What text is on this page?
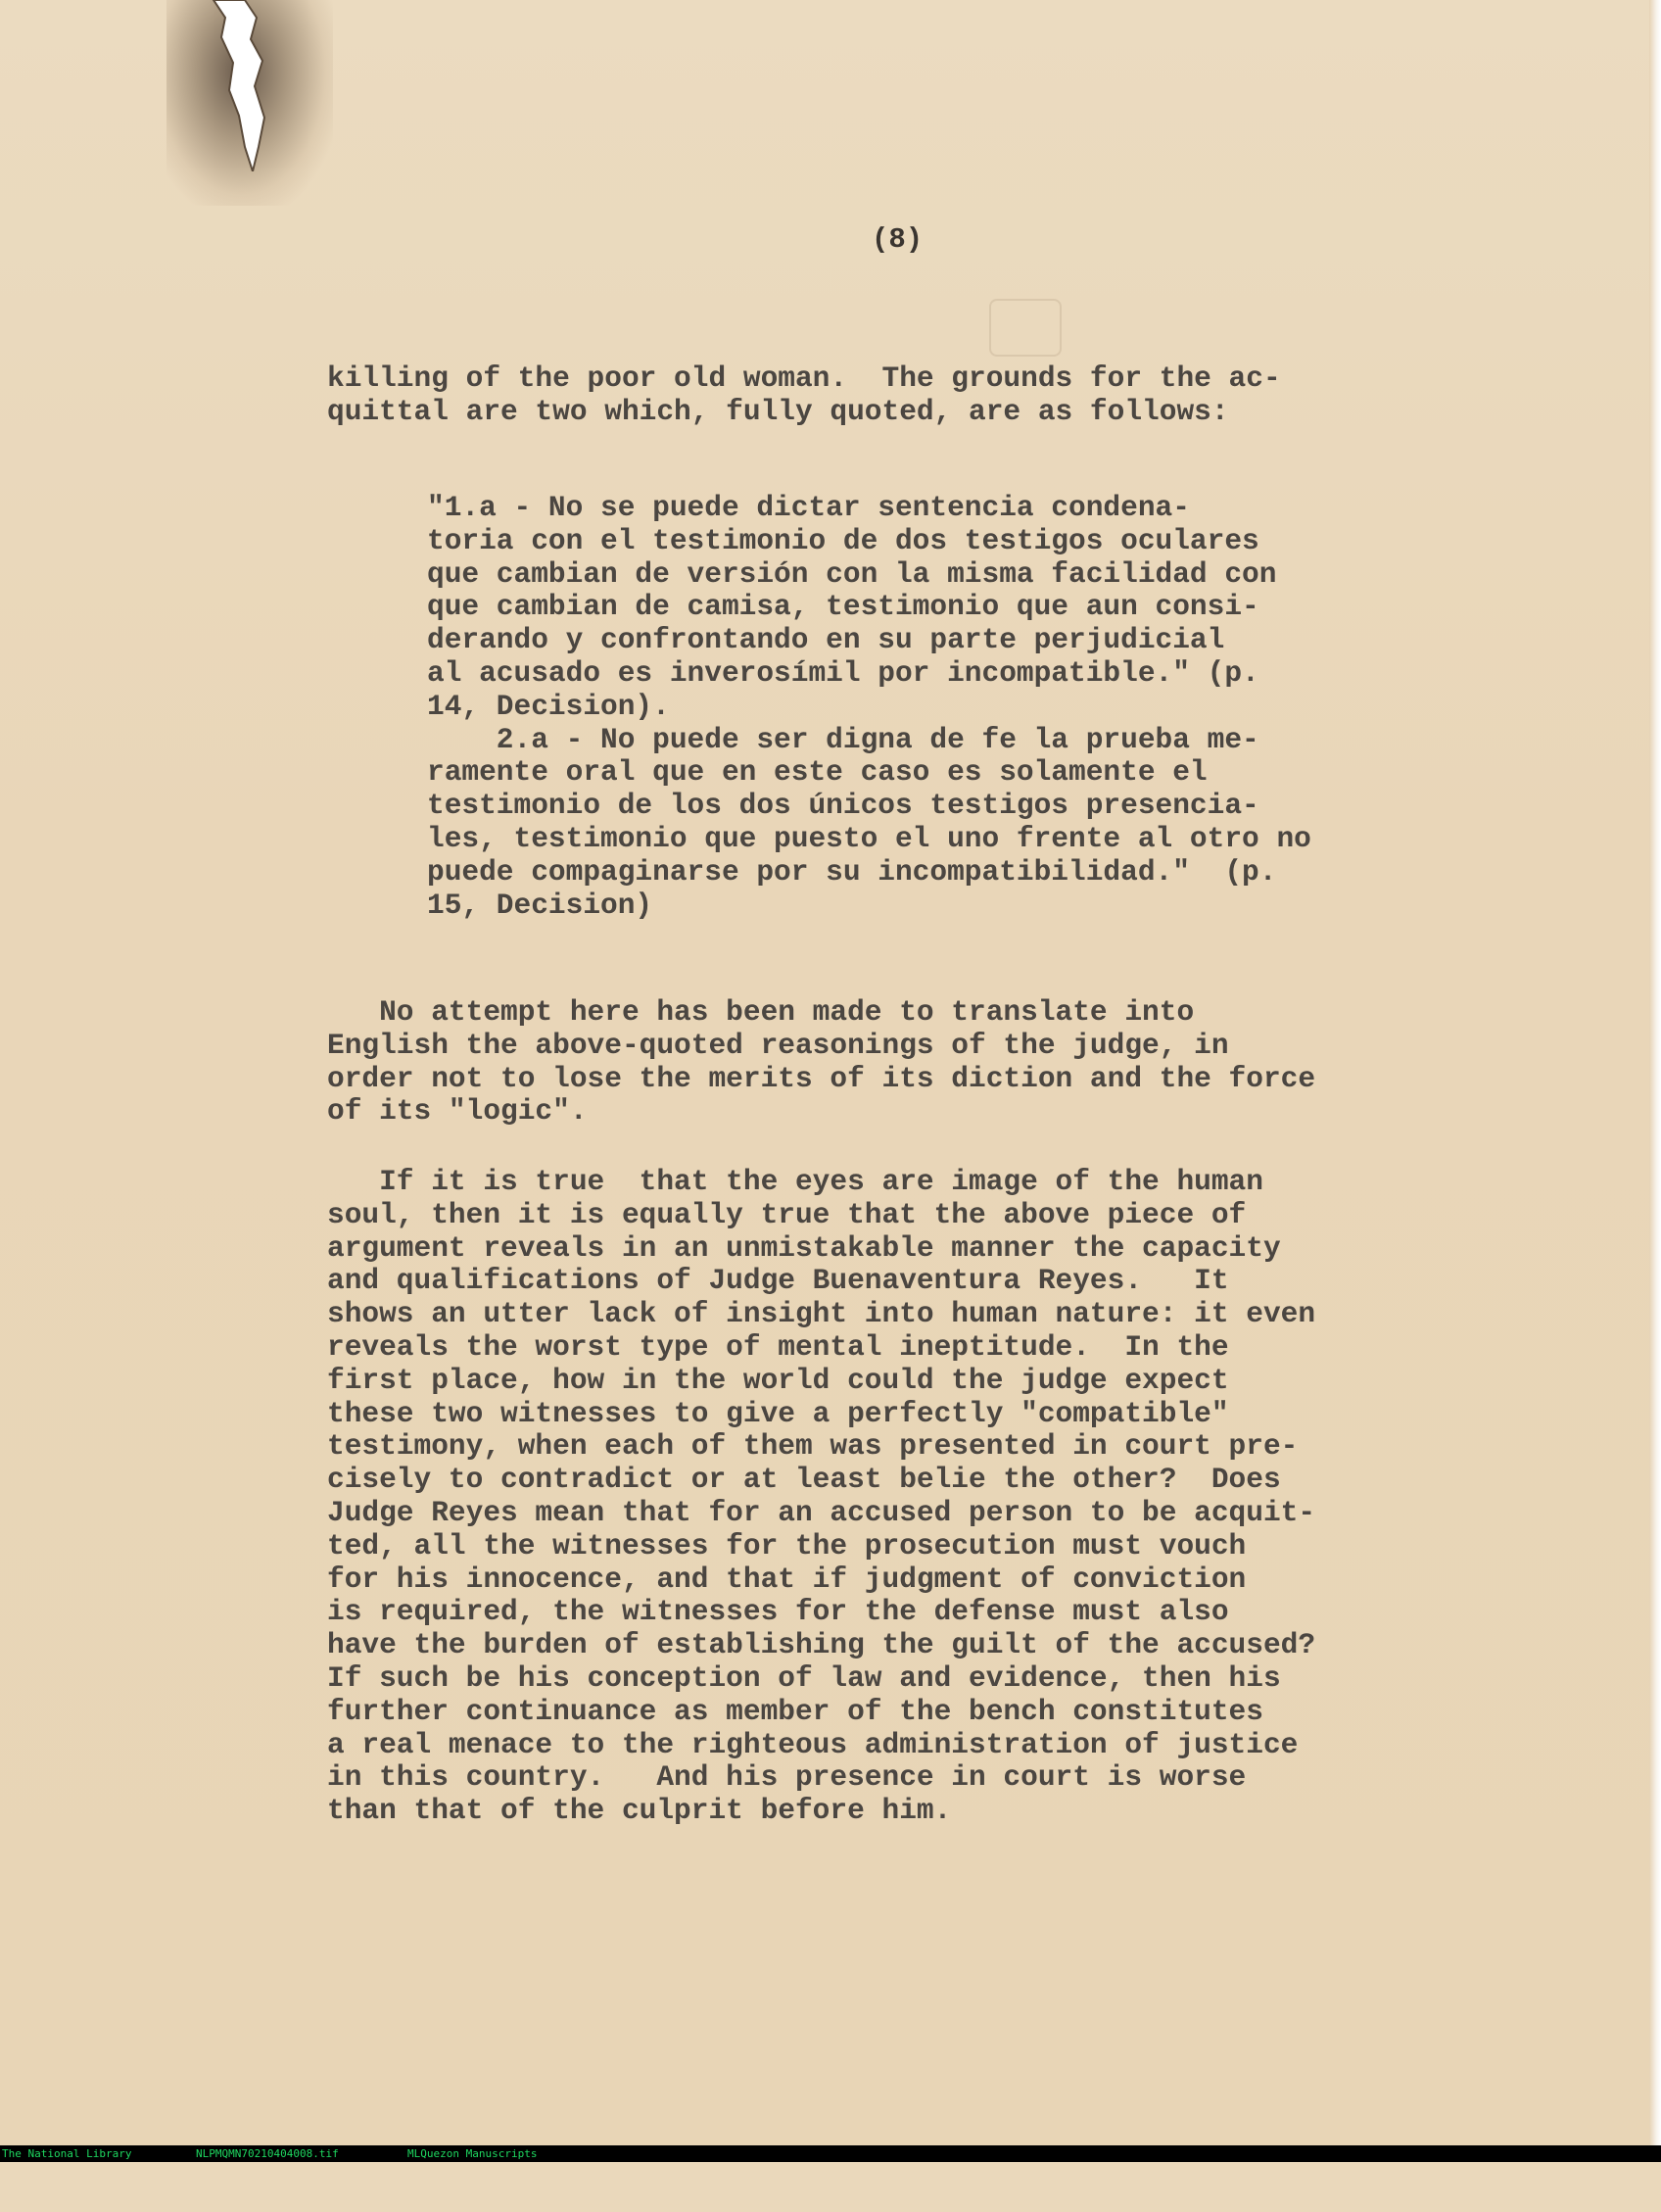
(8)

killing of the poor old woman.  The grounds for the ac-
quittal are two which, fully quoted, are as follows:

"1.a - No se puede dictar sentencia condena-
toria con el testimonio de dos testigos oculares
que cambian de versión con la misma facilidad con
que cambian de camisa, testimonio que aun consi-
derando y confrontando en su parte perjudicial
al acusado es inverosímil por incompatible." (p.
14, Decision).
2.a - No puede ser digna de fe la prueba me-
ramente oral que en este caso es solamente el
testimonio de los dos únicos testigos presencia-
les, testimonio que puesto el uno frente al otro no
puede compaginarse por su incompatibilidad."  (p.
15, Decision)

No attempt here has been made to translate into
English the above-quoted reasonings of the judge, in
order not to lose the merits of its diction and the force
of its "logic".

If it is true  that the eyes are image of the human
soul, then it is equally true that the above piece of
argument reveals in an unmistakable manner the capacity
and qualifications of Judge Buenaventura Reyes.   It
shows an utter lack of insight into human nature: it even
reveals the worst type of mental ineptitude.  In the
first place, how in the world could the judge expect
these two witnesses to give a perfectly "compatible"
testimony, when each of them was presented in court pre-
cisely to contradict or at least belie the other?  Does
Judge Reyes mean that for an accused person to be acquit-
ted, all the witnesses for the prosecution must vouch
for his innocence, and that if judgment of conviction
is required, the witnesses for the defense must also
have the burden of establishing the guilt of the accused?
If such be his conception of law and evidence, then his
further continuance as member of the bench constitutes
a real menace to the righteous administration of justice
in this country.   And his presence in court is worse
than that of the culprit before him.

The National Library

	NLPMQMN70210404008.tif

	MLQuezon Manuscripts
